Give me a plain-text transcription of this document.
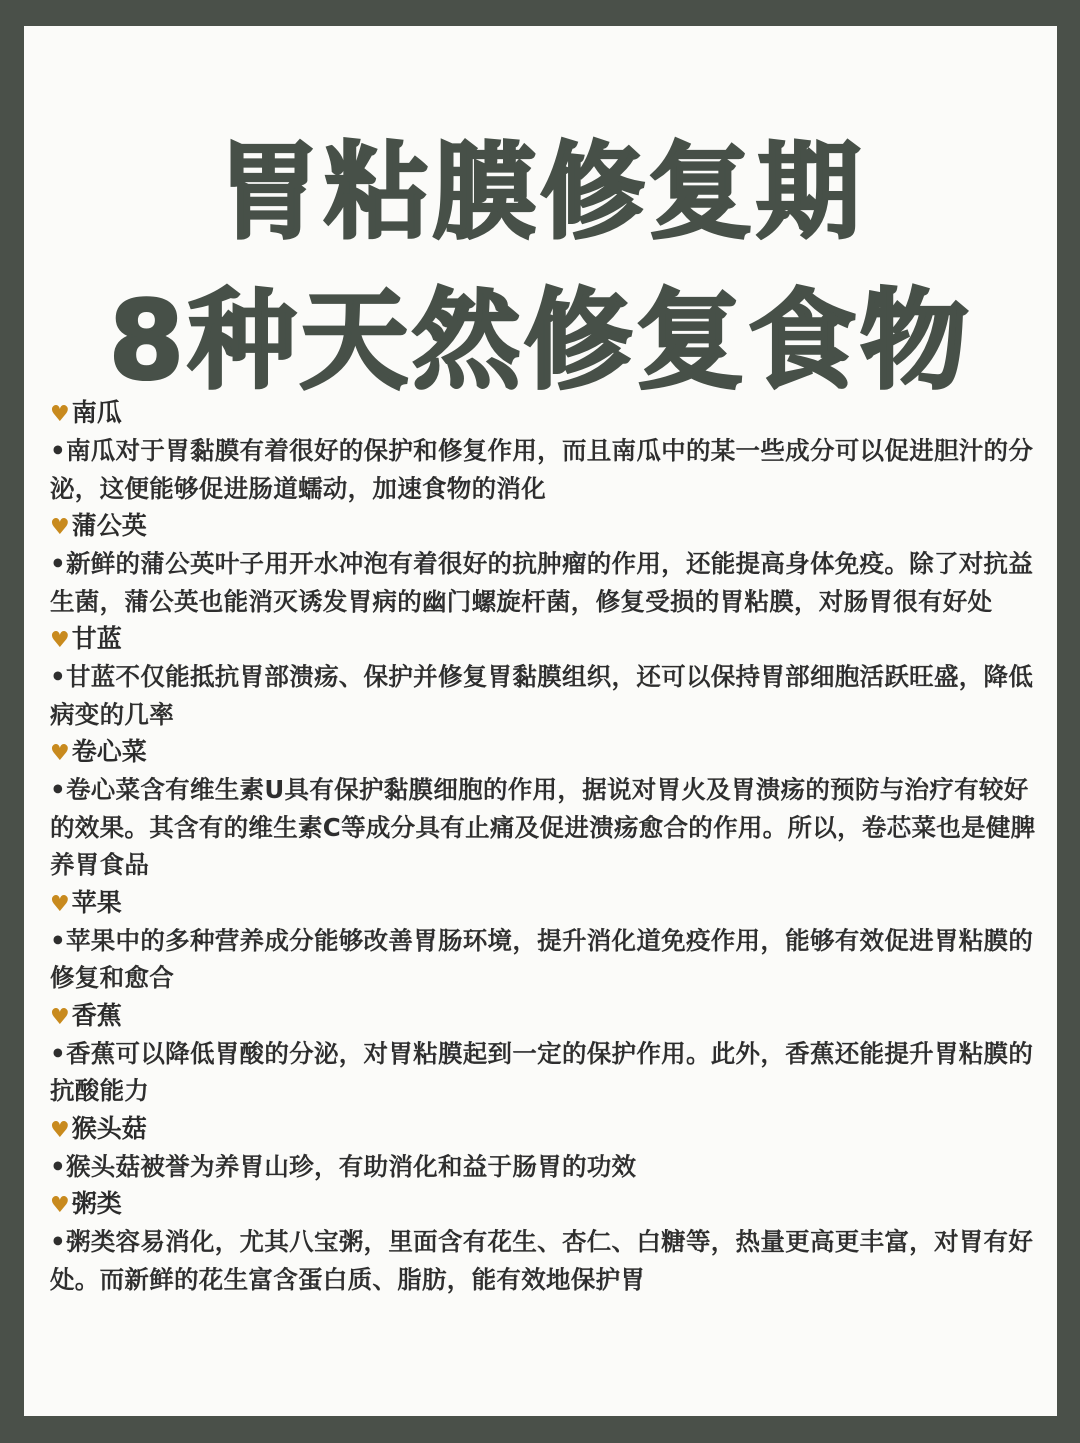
胃粘膜修复期
8种天然修复食物
♥南瓜
•南瓜对于胃黏膜有着很好的保护和修复作用，而且南瓜中的某一些成分可以促进胆汁的分泌，这便能够促进肠道蠕动，加速食物的消化
♥蒲公英
•新鲜的蒲公英叶子用开水冲泡有着很好的抗肿瘤的作用，还能提高身体免疫。除了对抗益生菌，蒲公英也能消灭诱发胃病的幽门螺旋杆菌，修复受损的胃粘膜，对肠胃很有好处
♥甘蓝
•甘蓝不仅能抵抗胃部溃疡、保护并修复胃黏膜组织，还可以保持胃部细胞活跃旺盛，降低病变的几率
♥卷心菜
•卷心菜含有维生素U具有保护黏膜细胞的作用，据说对胃火及胃溃疡的预防与治疗有较好的效果。其含有的维生素C等成分具有止痛及促进溃疡愈合的作用。所以，卷芯菜也是健脾养胃食品
♥苹果
•苹果中的多种营养成分能够改善胃肠环境，提升消化道免疫作用，能够有效促进胃粘膜的修复和愈合
♥香蕉
•香蕉可以降低胃酸的分泌，对胃粘膜起到一定的保护作用。此外，香蕉还能提升胃粘膜的抗酸能力
♥猴头菇
•猴头菇被誉为养胃山珍，有助消化和益于肠胃的功效
♥粥类
•粥类容易消化，尤其八宝粥，里面含有花生、杏仁、白糖等，热量更高更丰富，对胃有好处。而新鲜的花生富含蛋白质、脂肪，能有效地保护胃
